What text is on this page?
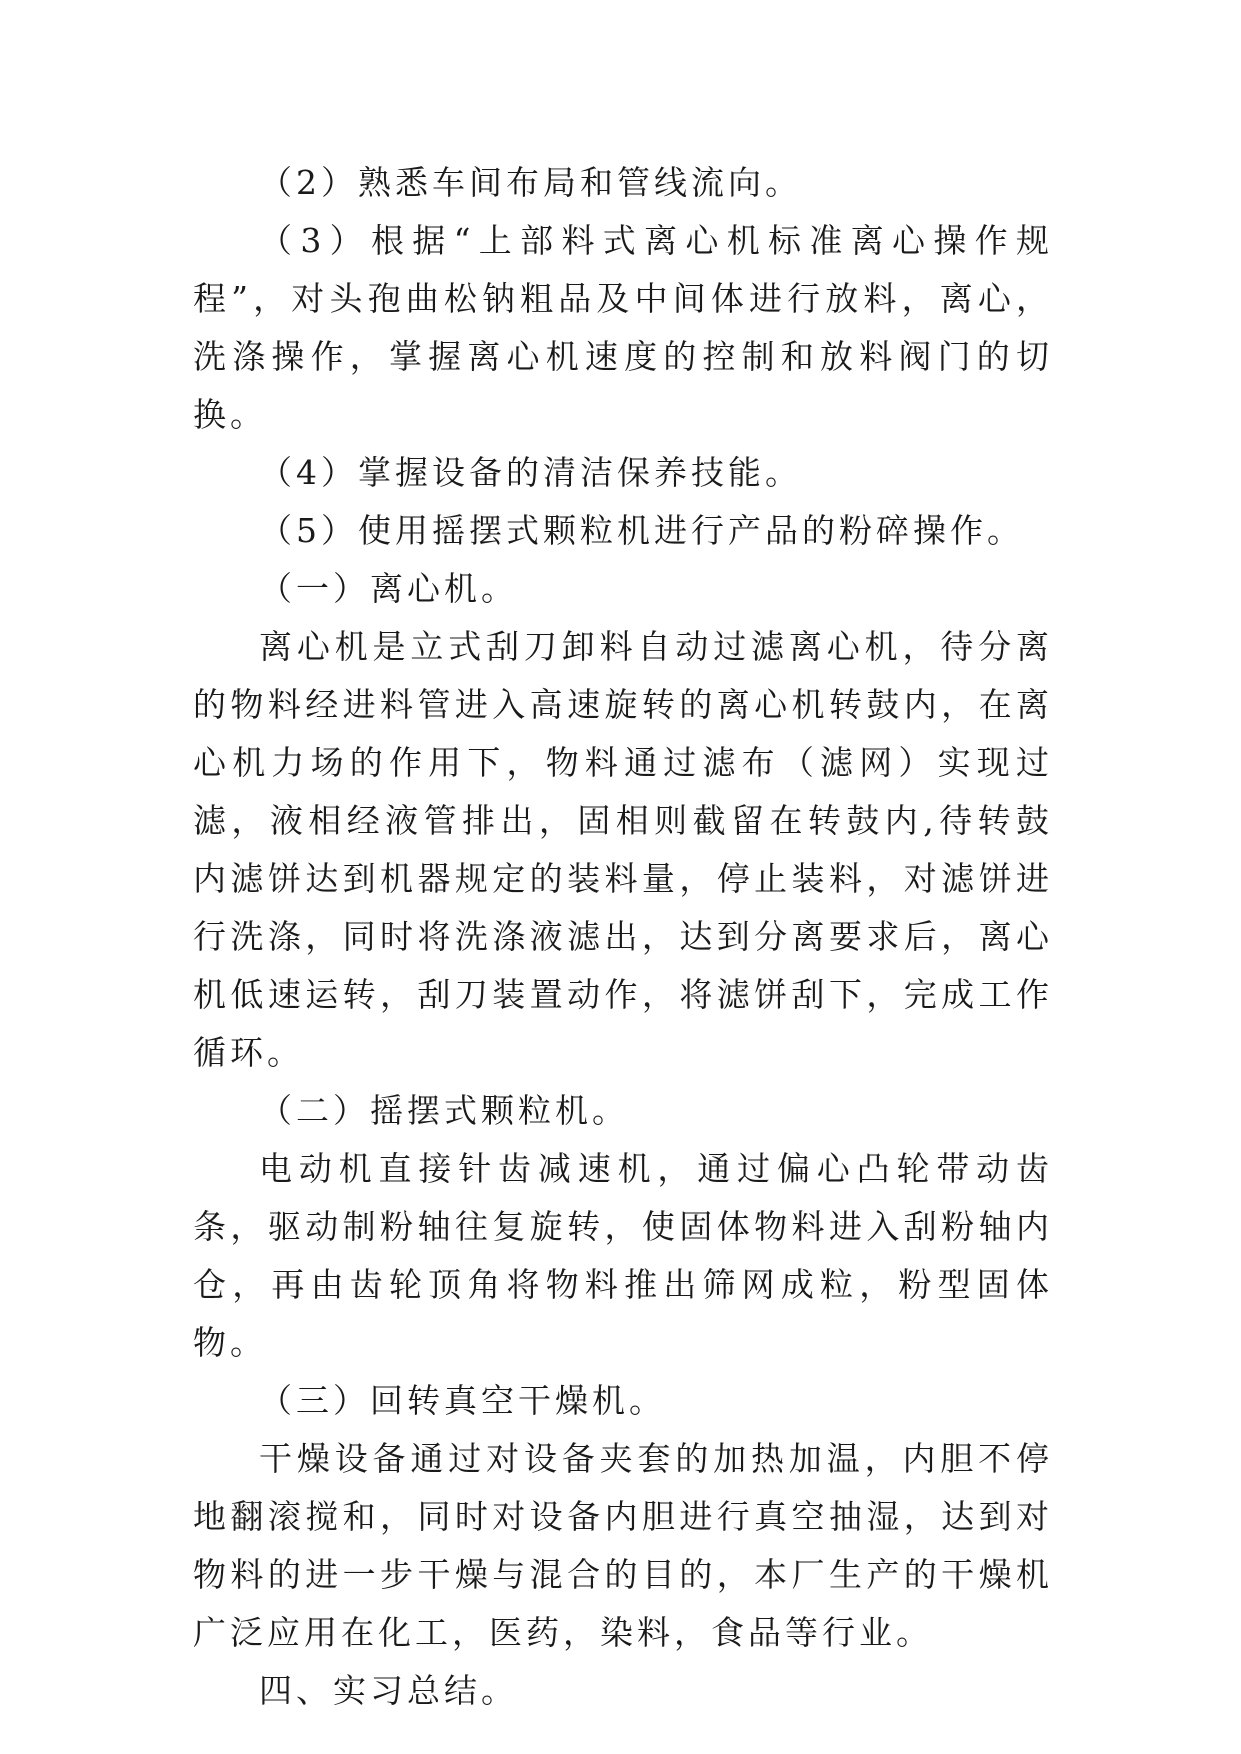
（2）熟悉车间布局和管线流向。

（3）根据“上部料式离心机标准离心操作规程”，对头孢曲松钠粗品及中间体进行放料，离心，洗涤操作，掌握离心机速度的控制和放料阀门的切换。

（4）掌握设备的清洁保养技能。

（5）使用摇摆式颗粒机进行产品的粉碎操作。

（一）离心机。

离心机是立式刮刀卸料自动过滤离心机，待分离的物料经进料管进入高速旋转的离心机转鼓内，在离心机力场的作用下，物料通过滤布（滤网）实现过滤，液相经液管排出，固相则截留在转鼓内,待转鼓内滤饼达到机器规定的装料量，停止装料，对滤饼进行洗涤，同时将洗涤液滤出，达到分离要求后，离心机低速运转，刮刀装置动作，将滤饼刮下，完成工作循环。

（二）摇摆式颗粒机。

电动机直接针齿减速机，通过偏心凸轮带动齿条，驱动制粉轴往复旋转，使固体物料进入刮粉轴内仓，再由齿轮顶角将物料推出筛网成粒，粉型固体物。

（三）回转真空干燥机。

干燥设备通过对设备夹套的加热加温，内胆不停地翻滚搅和，同时对设备内胆进行真空抽湿，达到对物料的进一步干燥与混合的目的，本厂生产的干燥机广泛应用在化工，医药，染料，食品等行业。

四、实习总结。
